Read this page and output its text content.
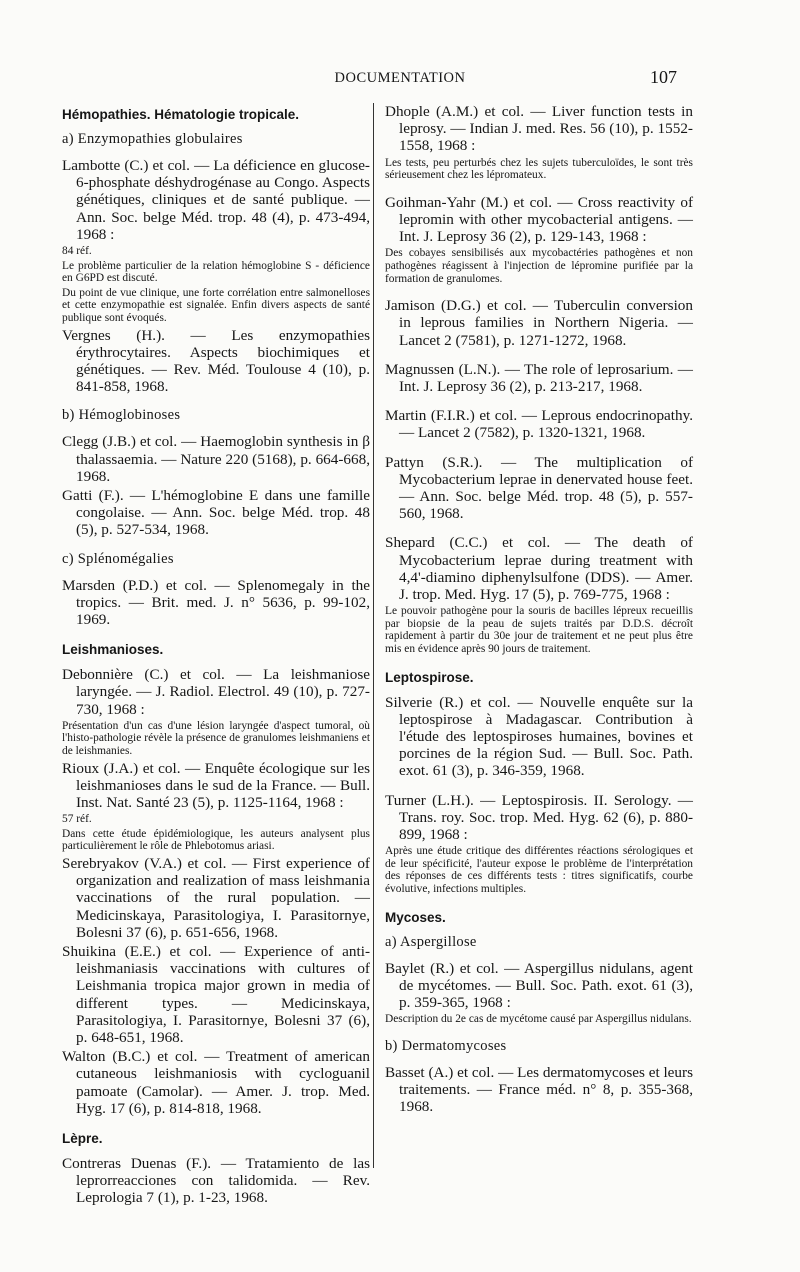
DOCUMENTATION	107
Hémopathies. Hématologie tropicale.
a) Enzymopathies globulaires

Lambotte (C.) et col. — La déficience en glucose-6-phosphate déshydrogénase au Congo. Aspects génétiques, cliniques et de santé publique. — Ann. Soc. belge Méd. trop. 48 (4), p. 473-494, 1968 :

84 réf.

Le problème particulier de la relation hémoglobine S - déficience en G6PD est discuté.

Du point de vue clinique, une forte corrélation entre salmonelloses et cette enzymopathie est signalée. Enfin divers aspects de santé publique sont évoqués.

Vergnes (H.). — Les enzymopathies érythrocytaires. Aspects biochimiques et génétiques. — Rev. Méd. Toulouse 4 (10), p. 841-858, 1968.

b) Hémoglobinoses

Clegg (J.B.) et col. — Haemoglobin synthesis in β thalassaemia. — Nature 220 (5168), p. 664-668, 1968.

Gatti (F.). — L'hémoglobine E dans une famille congolaise. — Ann. Soc. belge Méd. trop. 48 (5), p. 527-534, 1968.

c) Splénomégalies

Marsden (P.D.) et col. — Splenomegaly in the tropics. — Brit. med. J. n° 5636, p. 99-102, 1969.

Leishmanioses.

Debonnière (C.) et col. — La leishmaniose laryngée. — J. Radiol. Electrol. 49 (10), p. 727-730, 1968 :

Présentation d'un cas d'une lésion laryngée d'aspect tumoral, où l'histo-pathologie révèle la présence de granulomes leishmaniens et de leishmanies.

Rioux (J.A.) et col. — Enquête écologique sur les leishmanioses dans le sud de la France. — Bull. Inst. Nat. Santé 23 (5), p. 1125-1164, 1968 :

57 réf.

Dans cette étude épidémiologique, les auteurs analysent plus particulièrement le rôle de Phlebotomus ariasi.

Serebryakov (V.A.) et col. — First experience of organization and realization of mass leishmania vaccinations of the rural population. — Medicinskaya, Parasitologiya, I. Parasitornye, Bolesni 37 (6), p. 651-656, 1968.

Shuikina (E.E.) et col. — Experience of anti-leishmaniasis vaccinations with cultures of Leishmania tropica major grown in media of different types. — Medicinskaya, Parasitologiya, I. Parasitornye, Bolesni 37 (6), p. 648-651, 1968.

Walton (B.C.) et col. — Treatment of american cutaneous leishmaniosis with cycloguanil pamoate (Camolar). — Amer. J. trop. Med. Hyg. 17 (6), p. 814-818, 1968.

Lèpre.

Contreras Duenas (F.). — Tratamiento de las leprorreacciones con talidomida. — Rev. Leprologia 7 (1), p. 1-23, 1968.

Dhople (A.M.) et col. — Liver function tests in leprosy. — Indian J. med. Res. 56 (10), p. 1552-1558, 1968 :

Les tests, peu perturbés chez les sujets tuberculoïdes, le sont très sérieusement chez les lépromateux.

Goihman-Yahr (M.) et col. — Cross reactivity of lepromin with other mycobacterial antigens. — Int. J. Leprosy 36 (2), p. 129-143, 1968 :

Des cobayes sensibilisés aux mycobactéries pathogènes et non pathogènes réagissent à l'injection de lépromine purifiée par la formation de granulomes.

Jamison (D.G.) et col. — Tuberculin conversion in leprous families in Northern Nigeria. — Lancet 2 (7581), p. 1271-1272, 1968.

Magnussen (L.N.). — The role of leprosarium. — Int. J. Leprosy 36 (2), p. 213-217, 1968.

Martin (F.I.R.) et col. — Leprous endocrinopathy. — Lancet 2 (7582), p. 1320-1321, 1968.

Pattyn (S.R.). — The multiplication of Mycobacterium leprae in denervated house feet. — Ann. Soc. belge Méd. trop. 48 (5), p. 557-560, 1968.

Shepard (C.C.) et col. — The death of Mycobacterium leprae during treatment with 4,4'-diamino diphenylsulfone (DDS). — Amer. J. trop. Med. Hyg. 17 (5), p. 769-775, 1968 :

Le pouvoir pathogène pour la souris de bacilles lépreux recueillis par biopsie de la peau de sujets traités par D.D.S. décroît rapidement à partir du 30e jour de traitement et ne peut plus être mis en évidence après 90 jours de traitement.

Leptospirose.

Silverie (R.) et col. — Nouvelle enquête sur la leptospirose à Madagascar. Contribution à l'étude des leptospiroses humaines, bovines et porcines de la région Sud. — Bull. Soc. Path. exot. 61 (3), p. 346-359, 1968.

Turner (L.H.). — Leptospirosis. II. Serology. — Trans. roy. Soc. trop. Med. Hyg. 62 (6), p. 880-899, 1968 :

Après une étude critique des différentes réactions sérologiques et de leur spécificité, l'auteur expose le problème de l'interprétation des réponses de ces différents tests : titres significatifs, courbe évolutive, infections multiples.

Mycoses.
a) Aspergillose

Baylet (R.) et col. — Aspergillus nidulans, agent de mycétomes. — Bull. Soc. Path. exot. 61 (3), p. 359-365, 1968 :

Description du 2e cas de mycétome causé par Aspergillus nidulans.

b) Dermatomycoses

Basset (A.) et col. — Les dermatomycoses et leurs traitements. — France méd. n° 8, p. 355-368, 1968.
